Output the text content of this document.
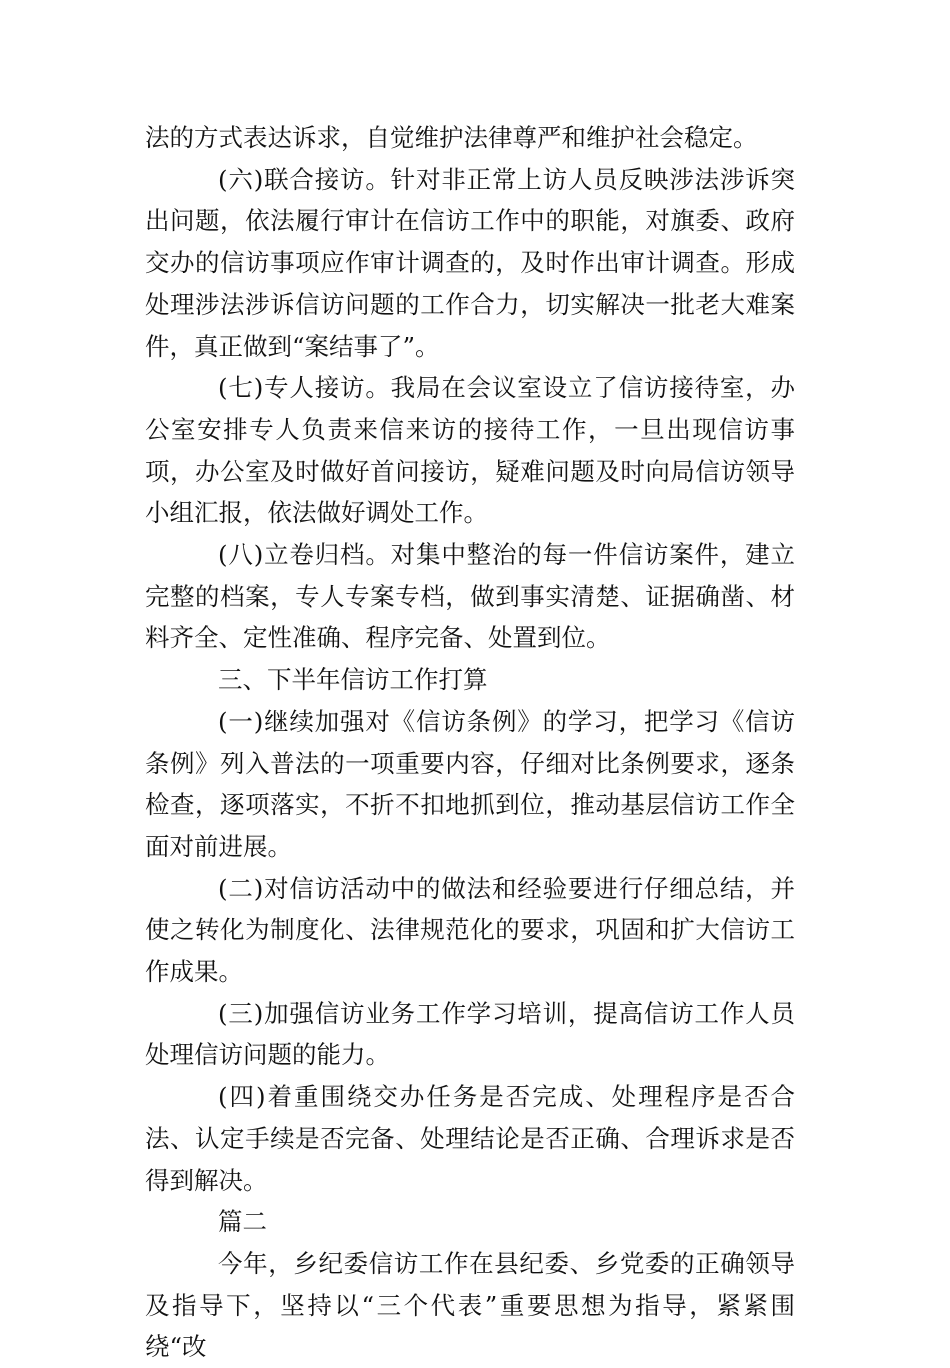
法的方式表达诉求，自觉维护法律尊严和维护社会稳定。

(六)联合接访。针对非正常上访人员反映涉法涉诉突出问题，依法履行审计在信访工作中的职能，对旗委、政府交办的信访事项应作审计调查的，及时作出审计调查。形成处理涉法涉诉信访问题的工作合力，切实解决一批老大难案件，真正做到“案结事了”。

(七)专人接访。我局在会议室设立了信访接待室，办公室安排专人负责来信来访的接待工作，一旦出现信访事项，办公室及时做好首问接访，疑难问题及时向局信访领导小组汇报，依法做好调处工作。

(八)立卷归档。对集中整治的每一件信访案件，建立完整的档案，专人专案专档，做到事实清楚、证据确凿、材料齐全、定性准确、程序完备、处置到位。

三、下半年信访工作打算

(一)继续加强对《信访条例》的学习，把学习《信访条例》列入普法的一项重要内容，仔细对比条例要求，逐条检查，逐项落实，不折不扣地抓到位，推动基层信访工作全面对前进展。

(二)对信访活动中的做法和经验要进行仔细总结，并使之转化为制度化、法律规范化的要求，巩固和扩大信访工作成果。

(三)加强信访业务工作学习培训，提高信访工作人员处理信访问题的能力。

(四)着重围绕交办任务是否完成、处理程序是否合法、认定手续是否完备、处理结论是否正确、合理诉求是否得到解决。

篇二

今年，乡纪委信访工作在县纪委、乡党委的正确领导及指导下，坚持以“三个代表”重要思想为指导，紧紧围绕“改
